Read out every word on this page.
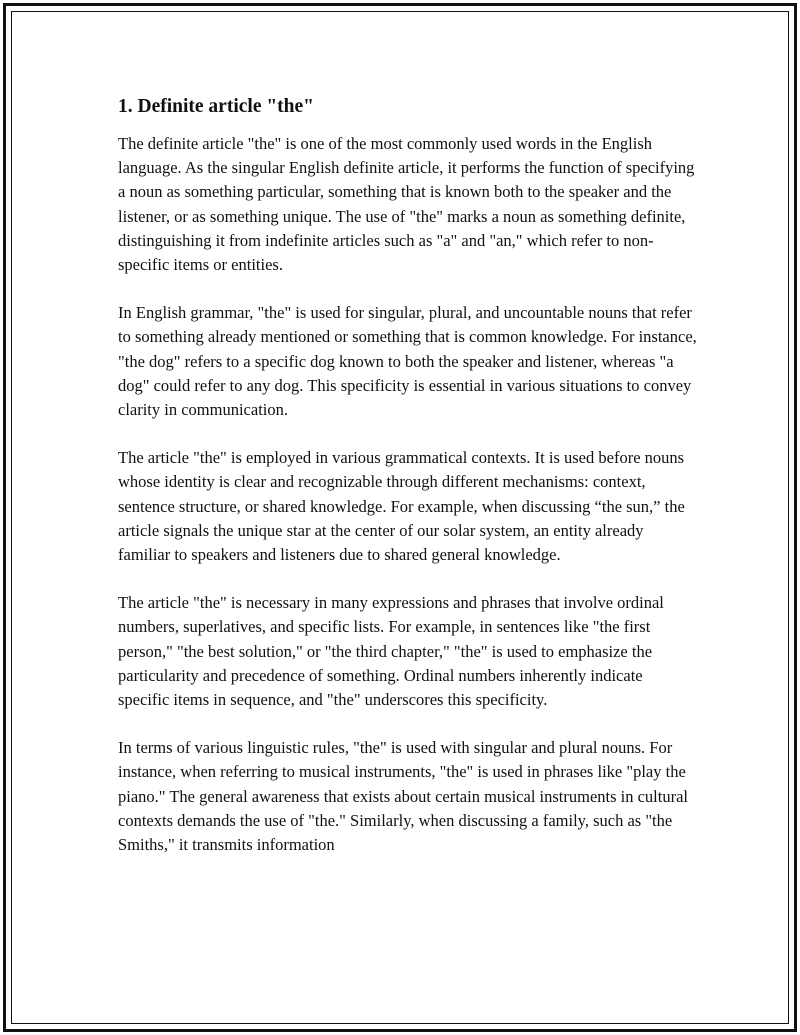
1. Definite article "the"

The definite article "the" is one of the most commonly used words in the English language. As the singular English definite article, it performs the function of specifying a noun as something particular, something that is known both to the speaker and the listener, or as something unique. The use of "the" marks a noun as something definite, distinguishing it from indefinite articles such as "a" and "an," which refer to non-specific items or entities.

In English grammar, "the" is used for singular, plural, and uncountable nouns that refer to something already mentioned or something that is common knowledge. For instance, "the dog" refers to a specific dog known to both the speaker and listener, whereas "a dog" could refer to any dog. This specificity is essential in various situations to convey clarity in communication.

The article "the" is employed in various grammatical contexts. It is used before nouns whose identity is clear and recognizable through different mechanisms: context, sentence structure, or shared knowledge. For example, when discussing “the sun,” the article signals the unique star at the center of our solar system, an entity already familiar to speakers and listeners due to shared general knowledge.

The article "the" is necessary in many expressions and phrases that involve ordinal numbers, superlatives, and specific lists. For example, in sentences like "the first person," "the best solution," or "the third chapter," "the" is used to emphasize the particularity and precedence of something. Ordinal numbers inherently indicate specific items in sequence, and "the" underscores this specificity.

In terms of various linguistic rules, "the" is used with singular and plural nouns. For instance, when referring to musical instruments, "the" is used in phrases like "play the piano." The general awareness that exists about certain musical instruments in cultural contexts demands the use of "the." Similarly, when discussing a family, such as "the Smiths," it transmits information
